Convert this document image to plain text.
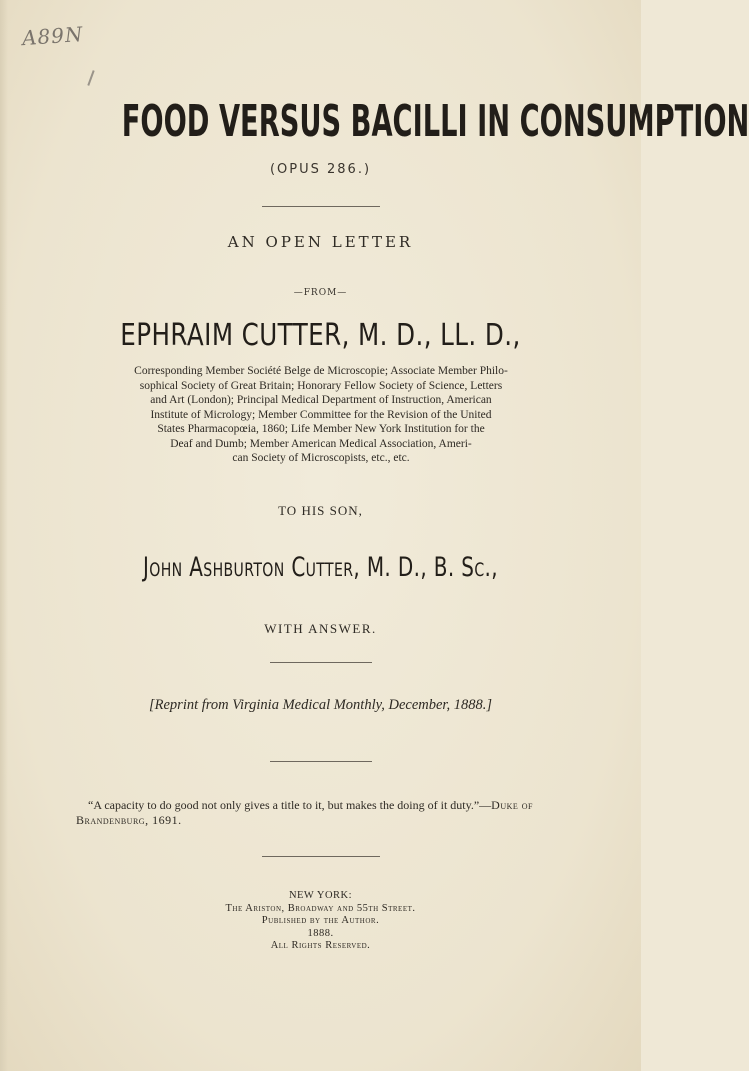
A89N
FOOD VERSUS BACILLI IN CONSUMPTION
(OPUS 286.)
AN OPEN LETTER
—FROM—
EPHRAIM CUTTER, M. D., LL. D.,
Corresponding Member Société Belge de Microscopie; Associate Member Philo-
sophical Society of Great Britain; Honorary Fellow Society of Science, Letters
and Art (London); Principal Medical Department of Instruction, American
Institute of Micrology; Member Committee for the Revision of the United
States Pharmacopœia, 1860; Life Member New York Institution for the
Deaf and Dumb; Member American Medical Association, Ameri-
can Society of Microscopists, etc., etc.
TO HIS SON,
John Ashburton Cutter, M. D., B. Sc.,
WITH ANSWER.
[Reprint from Virginia Medical Monthly, December, 1888.]
“A capacity to do good not only gives a title to it, but makes the doing of it duty.”—Duke of Brandenburg, 1691.
NEW YORK:
The Ariston, Broadway and 55th Street.
Published by the Author.
1888.
All Rights Reserved.
